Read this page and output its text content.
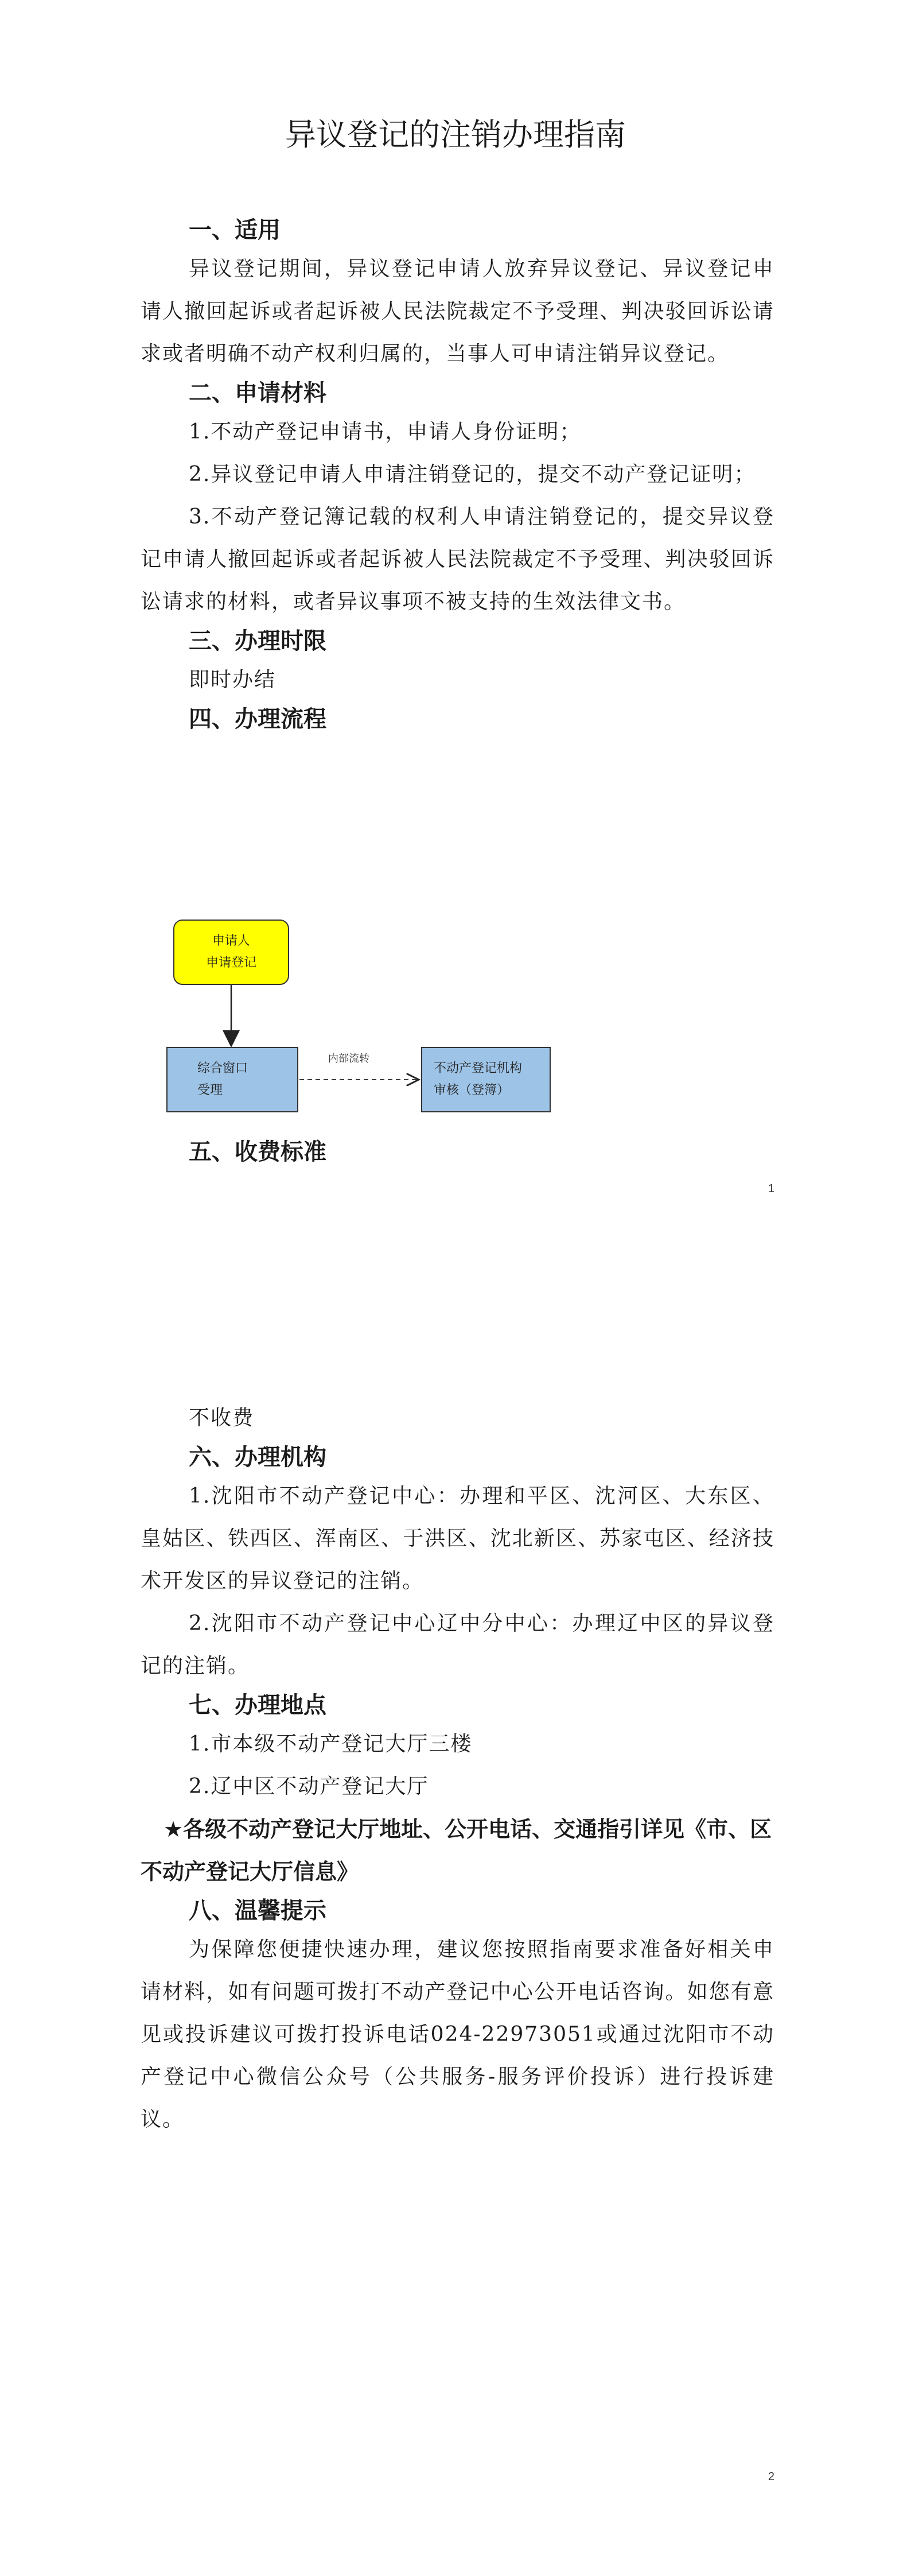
异议登记的注销办理指南
一、适用

异议登记期间，异议登记申请人放弃异议登记、异议登记申请人撤回起诉或者起诉被人民法院裁定不予受理、判决驳回诉讼请求或者明确不动产权利归属的，当事人可申请注销异议登记。

二、申请材料

1.不动产登记申请书，申请人身份证明；

2.异议登记申请人申请注销登记的，提交不动产登记证明；

3.不动产登记簿记载的权利人申请注销登记的，提交异议登记申请人撤回起诉或者起诉被人民法院裁定不予受理、判决驳回诉讼请求的材料，或者异议事项不被支持的生效法律文书。

三、办理时限

即时办结

四、办理流程
申请人
申请登记
综合窗口
受理
内部流转
不动产登记机构
审核（登簿）
五、收费标准
1

不收费

六、办理机构

1.沈阳市不动产登记中心：办理和平区、沈河区、大东区、皇姑区、铁西区、浑南区、于洪区、沈北新区、苏家屯区、经济技术开发区的异议登记的注销。

2.沈阳市不动产登记中心辽中分中心：办理辽中区的异议登记的注销。

七、办理地点

1.市本级不动产登记大厅三楼

2.辽中区不动产登记大厅

★各级不动产登记大厅地址、公开电话、交通指引详见《市、区不动产登记大厅信息》

八、温馨提示

为保障您便捷快速办理，建议您按照指南要求准备好相关申请材料，如有问题可拨打不动产登记中心公开电话咨询。如您有意见或投诉建议可拨打投诉电话024-22973051或通过沈阳市不动产登记中心微信公众号（公共服务-服务评价投诉）进行投诉建议。

2
